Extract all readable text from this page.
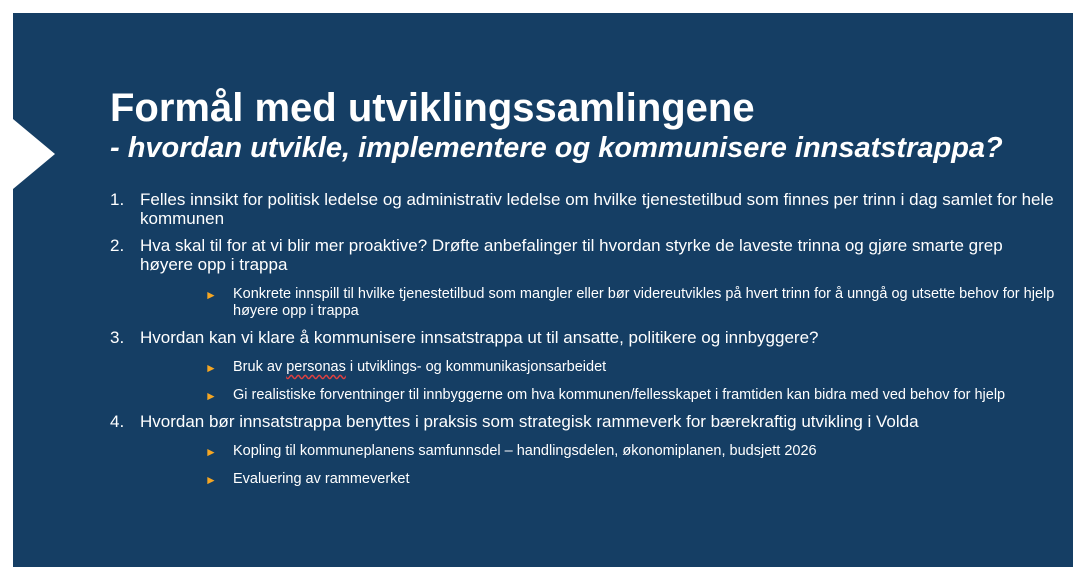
Formål med utviklingssamlingene
- hvordan utvikle, implementere og kommunisere innsatstrappa?
1. Felles innsikt for politisk ledelse og administrativ ledelse om hvilke tjenestetilbud som finnes per trinn i dag samlet for hele kommunen
2. Hva skal til for at vi blir mer proaktive? Drøfte anbefalinger til hvordan styrke de laveste trinna og gjøre smarte grep høyere opp i trappa
► Konkrete innspill til hvilke tjenestetilbud som mangler eller bør videreutvikles på hvert trinn for å unngå og utsette behov for hjelp høyere opp i trappa
3. Hvordan kan vi klare å kommunisere innsatstrappa ut til ansatte, politikere og innbyggere?
► Bruk av personas i utviklings- og kommunikasjonsarbeidet
► Gi realistiske forventninger til innbyggerne om hva kommunen/fellesskapet i framtiden kan bidra med ved behov for hjelp
4. Hvordan bør innsatstrappa benyttes i praksis som strategisk rammeverk for bærekraftig utvikling i Volda
► Kopling til kommuneplanens samfunnsdel – handlingsdelen, økonomiplanen, budsjett 2026
► Evaluering av rammeverket
